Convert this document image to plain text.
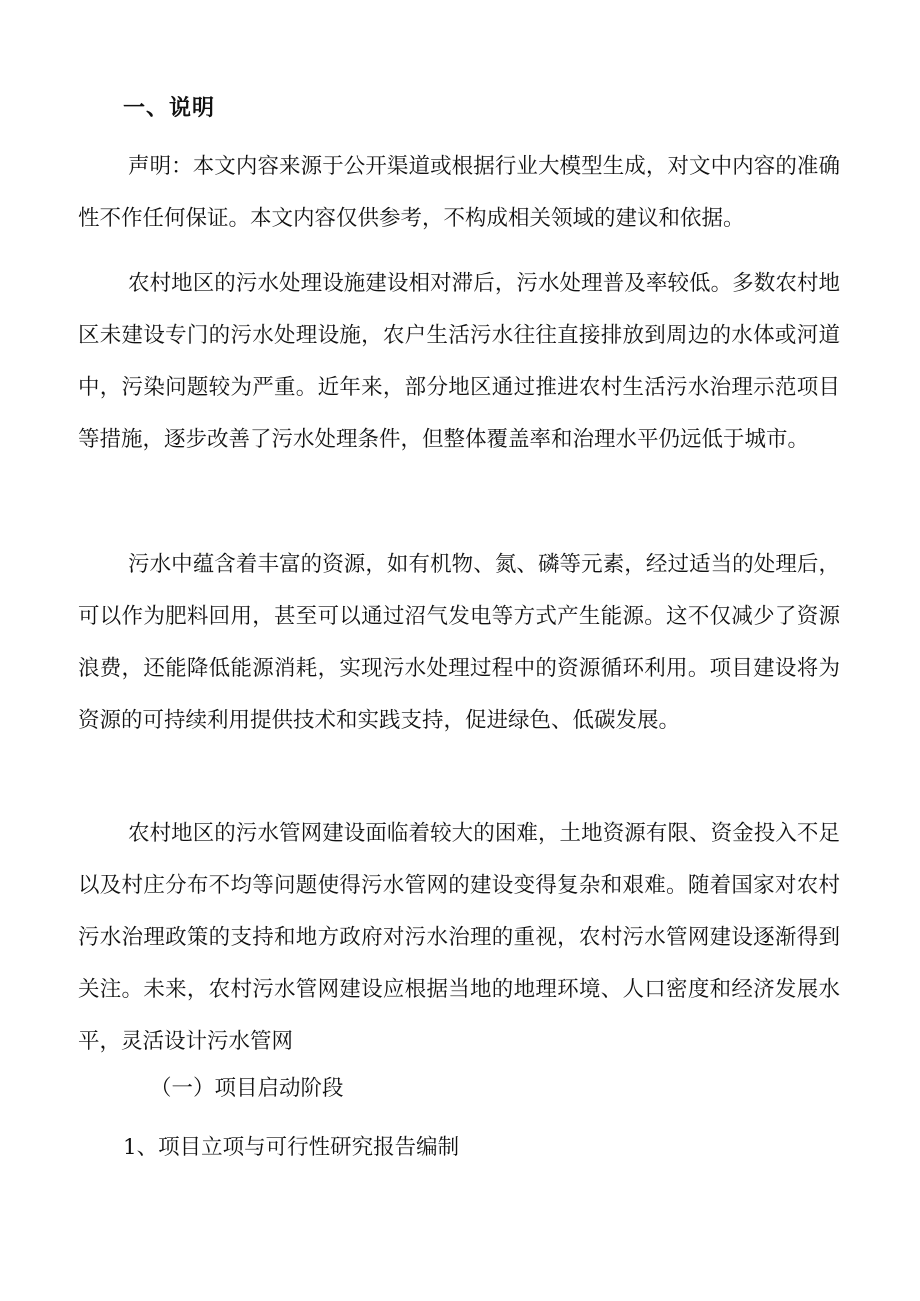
一、说明

声明：本文内容来源于公开渠道或根据行业大模型生成，对文中内容的准确性不作任何保证。本文内容仅供参考，不构成相关领域的建议和依据。

农村地区的污水处理设施建设相对滞后，污水处理普及率较低。多数农村地区未建设专门的污水处理设施，农户生活污水往往直接排放到周边的水体或河道中，污染问题较为严重。近年来，部分地区通过推进农村生活污水治理示范项目等措施，逐步改善了污水处理条件，但整体覆盖率和治理水平仍远低于城市。

污水中蕴含着丰富的资源，如有机物、氮、磷等元素，经过适当的处理后，可以作为肥料回用，甚至可以通过沼气发电等方式产生能源。这不仅减少了资源浪费，还能降低能源消耗，实现污水处理过程中的资源循环利用。项目建设将为资源的可持续利用提供技术和实践支持，促进绿色、低碳发展。

农村地区的污水管网建设面临着较大的困难，土地资源有限、资金投入不足以及村庄分布不均等问题使得污水管网的建设变得复杂和艰难。随着国家对农村污水治理政策的支持和地方政府对污水治理的重视，农村污水管网建设逐渐得到关注。未来，农村污水管网建设应根据当地的地理环境、人口密度和经济发展水平，灵活设计污水管网

（一）项目启动阶段
1、项目立项与可行性研究报告编制
